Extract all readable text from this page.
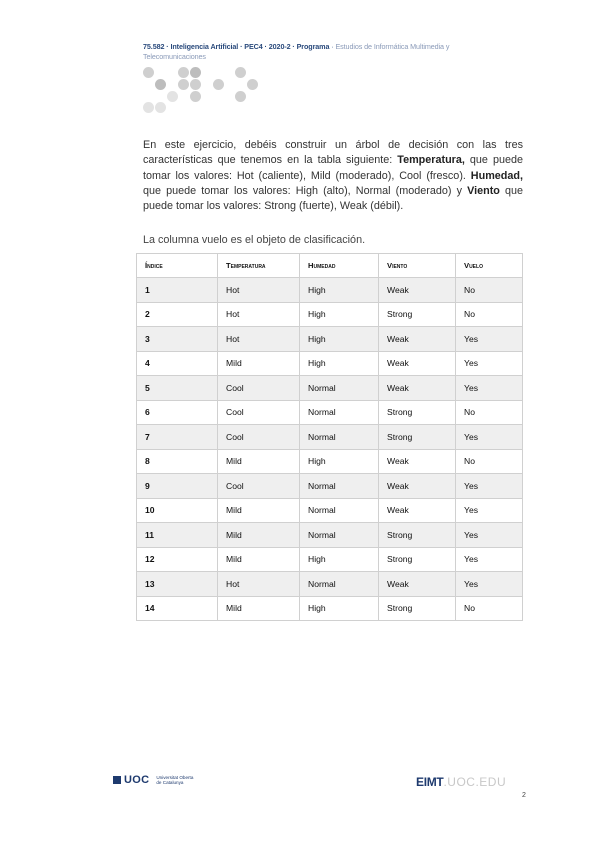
75.582 · Inteligencia Artificial · PEC4 · 2020-2 · Programa · Estudios de Informática Multimedia y Telecomunicaciones
En este ejercicio, debéis construir un árbol de decisión con las tres características que tenemos en la tabla siguiente: Temperatura, que puede tomar los valores: Hot (caliente), Mild (moderado), Cool (fresco). Humedad, que puede tomar los valores: High (alto), Normal (moderado) y Viento que puede tomar los valores: Strong (fuerte), Weak (débil).
La columna vuelo es el objeto de clasificación.
Índice	Temperatura	Humedad	Viento	Vuelo
1	Hot	High	Weak	No
2	Hot	High	Strong	No
3	Hot	High	Weak	Yes
4	Mild	High	Weak	Yes
5	Cool	Normal	Weak	Yes
6	Cool	Normal	Strong	No
7	Cool	Normal	Strong	Yes
8	Mild	High	Weak	No
9	Cool	Normal	Weak	Yes
10	Mild	Normal	Weak	Yes
11	Mild	Normal	Strong	Yes
12	Mild	High	Strong	Yes
13	Hot	Normal	Weak	Yes
14	Mild	High	Strong	No
UOC Universitat Oberta
de Catalunya	EIMT .UOC.EDU
2
